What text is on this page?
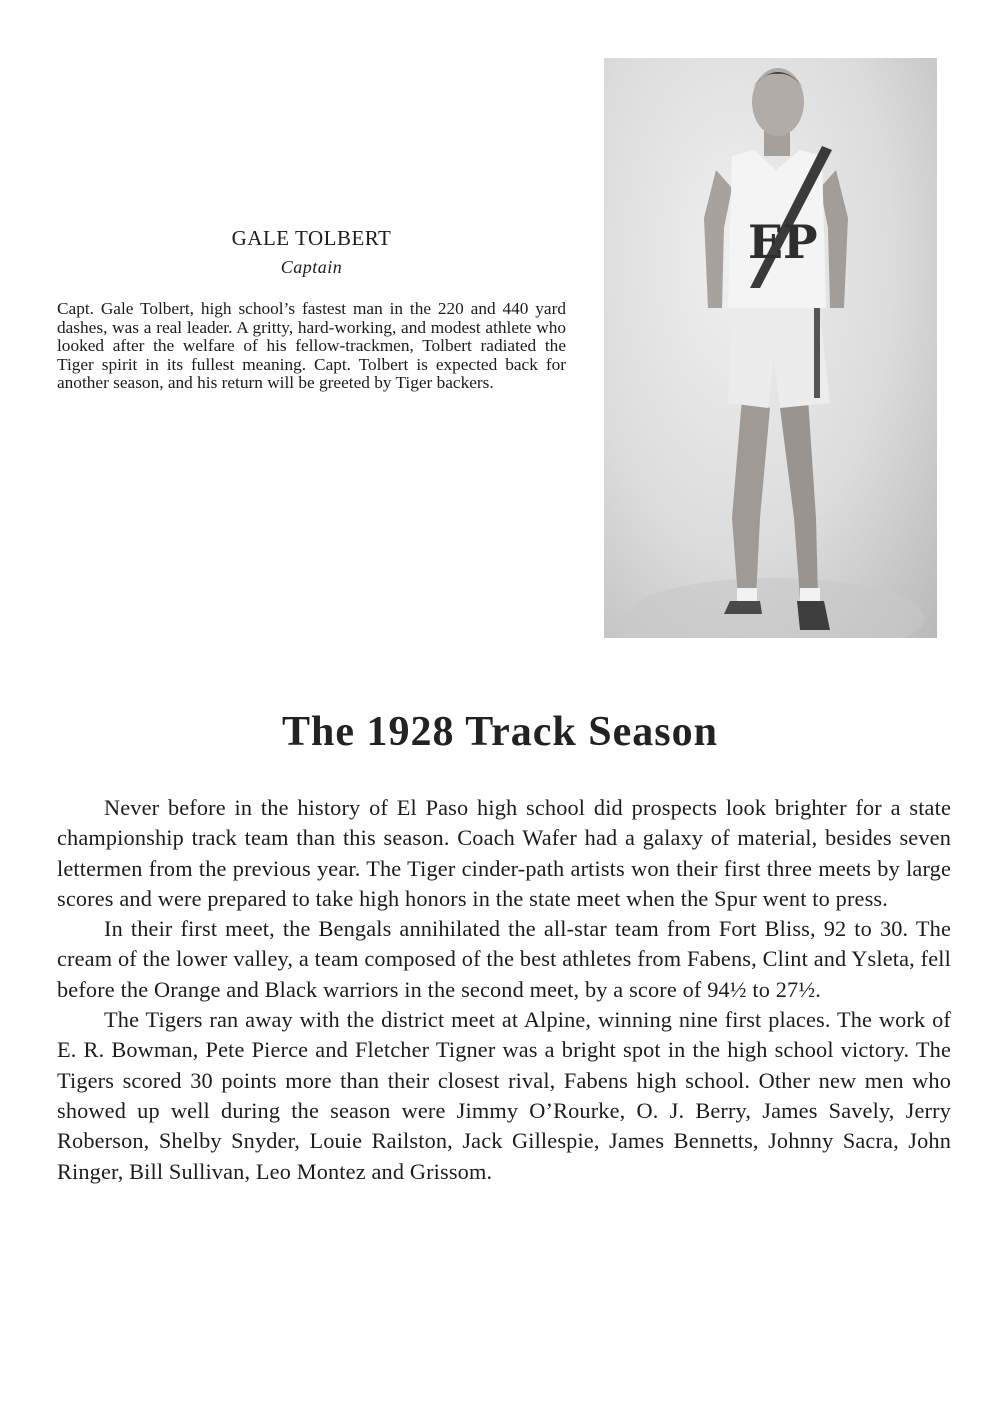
GALE TOLBERT

Captain

Capt. Gale Tolbert, high school’s fastest man in the 220 and 440 yard dashes, was a real leader. A gritty, hard-working, and modest athlete who looked after the welfare of his fellow-trackmen, Tolbert radiated the Tiger spirit in its fullest meaning. Capt. Tolbert is expected back for another season, and his return will be greeted by Tiger backers.

EP
The 1928 Track Season

Never before in the history of El Paso high school did prospects look brighter for a state championship track team than this season. Coach Wafer had a galaxy of material, besides seven lettermen from the previous year. The Tiger cinder-path artists won their first three meets by large scores and were prepared to take high honors in the state meet when the Spur went to press.

In their first meet, the Bengals annihilated the all-star team from Fort Bliss, 92 to 30. The cream of the lower valley, a team composed of the best athletes from Fabens, Clint and Ysleta, fell before the Orange and Black warriors in the second meet, by a score of 94½ to 27½.

The Tigers ran away with the district meet at Alpine, winning nine first places. The work of E. R. Bowman, Pete Pierce and Fletcher Tigner was a bright spot in the high school victory. The Tigers scored 30 points more than their closest rival, Fabens high school. Other new men who showed up well during the season were Jimmy O’Rourke, O. J. Berry, James Savely, Jerry Roberson, Shelby Snyder, Louie Railston, Jack Gillespie, James Bennetts, Johnny Sacra, John Ringer, Bill Sullivan, Leo Montez and Grissom.
